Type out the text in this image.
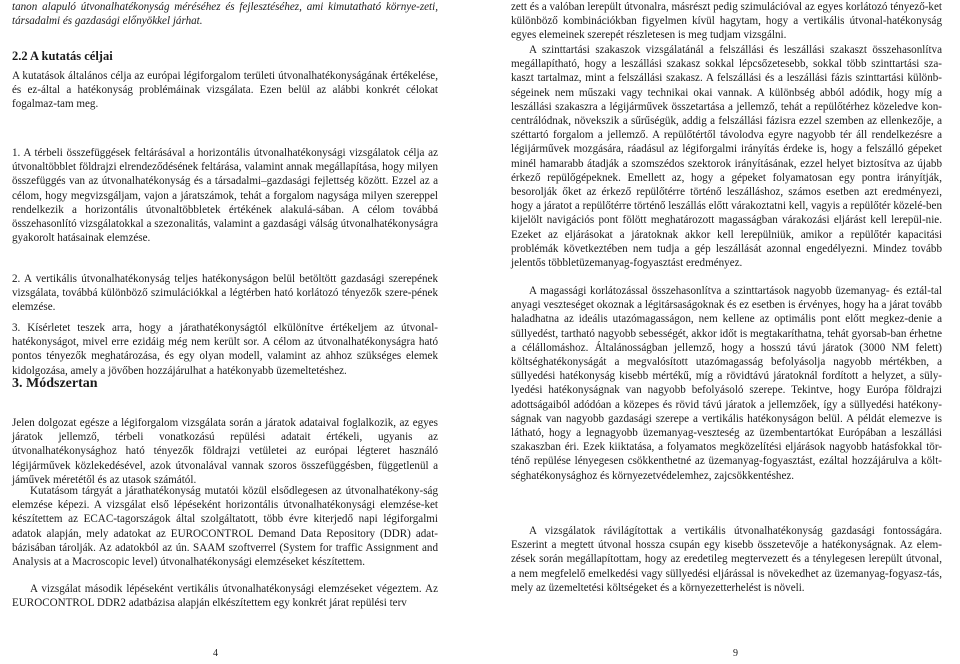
tanon alapuló útvonalhatékonyság méréséhez és fejlesztéséhez, ami kimutatható környe-zeti, társadalmi és gazdasági előnyökkel járhat.

2.2 A kutatás céljai

A kutatások általános célja az európai légiforgalom területi útvonalhatékonyságának értékelése, és ez-által a hatékonyság problémáinak vizsgálata. Ezen belül az alábbi konkrét célokat fogalmaz-tam meg.

1. A térbeli összefüggések feltárásával a horizontális útvonalhatékonysági vizsgálatok célja az útvonaltöbblet földrajzi elrendeződésének feltárása, valamint annak megállapítása, hogy milyen összefüggés van az útvonalhatékonyság és a társadalmi–gazdasági fejlettség között. Ezzel az a célom, hogy megvizsgáljam, vajon a járatszámok, tehát a forgalom nagysága milyen szereppel rendelkezik a horizontális útvonaltöbbletek értékének alakulá-sában. A célom továbbá összehasonlító vizsgálatokkal a szezonalitás, valamint a gazdasági válság útvonalhatékonyságra gyakorolt hatásainak elemzése.

2. A vertikális útvonalhatékonyság teljes hatékonyságon belül betöltött gazdasági szerepének vizsgálata, továbbá különböző szimulációkkal a légtérben ható korlátozó tényezők szere-pének elemzése.

3. Kísérletet teszek arra, hogy a járathatékonyságtól elkülönítve értékeljem az útvonal-hatékonyságot, mivel erre ezidáig még nem került sor. A célom az útvonalhatékonyságra ható pontos tényezők meghatározása, és egy olyan modell, valamint az ahhoz szükséges elemek kidolgozása, amely a jövőben hozzájárulhat a hatékonyabb üzemeltetéshez.

3. Módszertan

Jelen dolgozat egésze a légiforgalom vizsgálata során a járatok adataival foglalkozik, az egyes járatok jellemző, térbeli vonatkozású repülési adatait értékeli, ugyanis az útvonalhatékonysághoz ható tényezők földrajzi vetületei az európai légteret használó légijárművek közlekedésével, azok útvonalával vannak szoros összefüggésben, függetlenül a jáművek méretétől és az utasok számától.

Kutatásom tárgyát a járathatékonyság mutatói közül elsődlegesen az útvonalhatékony-ság elemzése képezi. A vizsgálat első lépéseként horizontális útvonalhatékonysági elemzése-ket készítettem az ECAC-tagországok által szolgáltatott, több évre kiterjedő napi légiforgalmi adatok alapján, mely adatokat az EUROCONTROL Demand Data Repository (DDR) adat-bázisában tárolják. Az adatokból az ún. SAAM szoftverrel (System for traffic Assignment and Analysis at a Macroscopic level) útvonalhatékonysági elemzéseket készítettem.

A vizsgálat második lépéseként vertikális útvonalhatékonysági elemzéseket végeztem. Az EUROCONTROL DDR2 adatbázisa alapján elkészítettem egy konkrét járat repülési terv

4

zett és a valóban lerepült útvonalra, másrészt pedig szimulációval az egyes korlátozó tényező-ket különböző kombinációkban figyelmen kívül hagytam, hogy a vertikális útvonal-hatékonyság egyes elemeinek szerepét részletesen is meg tudjam vizsgálni.

A szinttartási szakaszok vizsgálatánál a felszállási és leszállási szakaszt összehasonlítva megállapítható, hogy a leszállási szakasz sokkal lépcsőzetesebb, sokkal több szinttartási sza-kaszt tartalmaz, mint a felszállási szakasz. A felszállási és a leszállási fázis szinttartási különb-ségeinek nem műszaki vagy technikai okai vannak. A különbség abból adódik, hogy míg a leszállási szakaszra a légijárművek összetartása a jellemző, tehát a repülőtérhez közeledve kon-centrálódnak, növekszik a sűrűségük, addig a felszállási fázisra ezzel szemben az ellenkezője, a széttartó forgalom a jellemző. A repülőtértől távolodva egyre nagyobb tér áll rendelkezésre a légijárművek mozgására, ráadásul az légiforgalmi irányítás érdeke is, hogy a felszálló gépeket minél hamarabb átadják a szomszédos szektorok irányításának, ezzel helyet biztosítva az újabb érkező repülőgépeknek. Emellett az, hogy a gépeket folyamatosan egy pontra irányítják, besorolják őket az érkező repülőtérre történő leszálláshoz, számos esetben azt eredményezi, hogy a járatot a repülőtérre történő leszállás előtt várakoztatni kell, vagyis a repülőtér közelé-ben kijelölt navigációs pont fölött meghatározott magasságban várakozási eljárást kell lerepül-nie. Ezeket az eljárásokat a járatoknak akkor kell lerepülniük, amikor a repülőtér kapacitási problémák következtében nem tudja a gép leszállását azonnal engedélyezni. Mindez tovább jelentős többletüzemanyag-fogyasztást eredményez.

A magassági korlátozással összehasonlítva a szinttartások nagyobb üzemanyag- és eztál-tal anyagi veszteséget okoznak a légitársaságoknak és ez esetben is érvényes, hogy ha a járat tovább haladhatna az ideális utazómagasságon, nem kellene az optimális pont előtt megkez-denie a süllyedést, tartható nagyobb sebességét, akkor időt is megtakaríthatna, tehát gyorsab-ban érhetne a célállomáshoz. Általánosságban jellemző, hogy a hosszú távú járatok (3000 NM felett) költséghatékonyságát a megvalósított utazómagasság befolyásolja nagyobb mértékben, a süllyedési hatékonyság kisebb mértékű, míg a rövidtávú járatoknál fordított a helyzet, a süly-lyedési hatékonyságnak van nagyobb befolyásoló szerepe. Tekintve, hogy Európa földrajzi adottságaiból adódóan a közepes és rövid távú járatok a jellemzőek, így a süllyedési hatékony-ságnak van nagyobb gazdasági szerepe a vertikális hatékonyságon belül. A példát elemezve is látható, hogy a legnagyobb üzemanyag-veszteség az üzembentartókat Európában a leszállási szakaszban éri. Ezek kiiktatása, a folyamatos megközelítési eljárások nagyobb hatásfokkal tör-ténő repülése lényegesen csökkenthetné az üzemanyag-fogyasztást, ezáltal hozzájárulva a költ-séghatékonysághoz és környezetvédelemhez, zajcsökkentéshez.

A vizsgálatok rávilágítottak a vertikális útvonalhatékonyság gazdasági fontosságára. Eszerint a megtett útvonal hossza csupán egy kisebb összetevője a hatékonyságnak. Az elem-zések során megállapítottam, hogy az eredetileg megtervezett és a ténylegesen lerepült útvonal, a nem megfelelő emelkedési vagy süllyedési eljárással is növekedhet az üzemanyag-fogyasz-tás, mely az üzemeltetési költségeket és a környezetterhelést is növeli.

9
